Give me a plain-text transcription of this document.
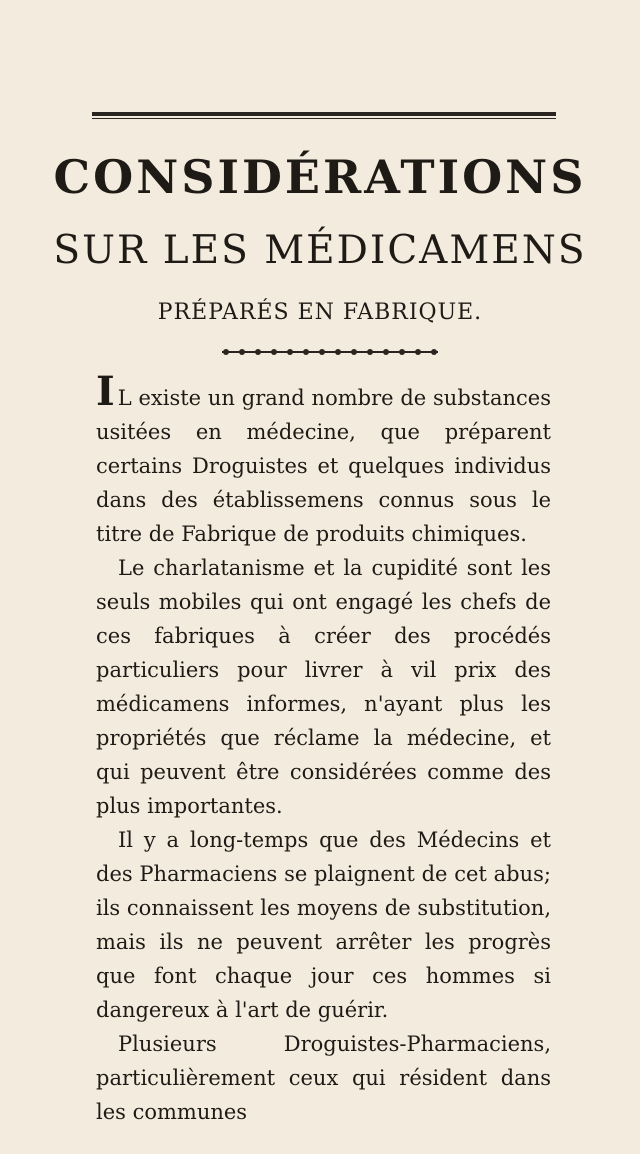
CONSIDÉRATIONS
SUR LES MÉDICAMENS
PRÉPARÉS EN FABRIQUE.

I L existe un grand nombre de substances usitées en médecine, que préparent certains Droguistes et quelques individus dans des établissemens connus sous le titre de Fabrique de produits chimiques.

Le charlatanisme et la cupidité sont les seuls mobiles qui ont engagé les chefs de ces fabriques à créer des procédés particuliers pour livrer à vil prix des médicamens informes, n'ayant plus les propriétés que réclame la médecine, et qui peuvent être considérées comme des plus importantes.

Il y a long-temps que des Médecins et des Pharmaciens se plaignent de cet abus; ils connaissent les moyens de substitution, mais ils ne peuvent arrêter les progrès que font chaque jour ces hommes si dangereux à l'art de guérir.

Plusieurs Droguistes-Pharmaciens, particulièrement ceux qui résident dans les communes
